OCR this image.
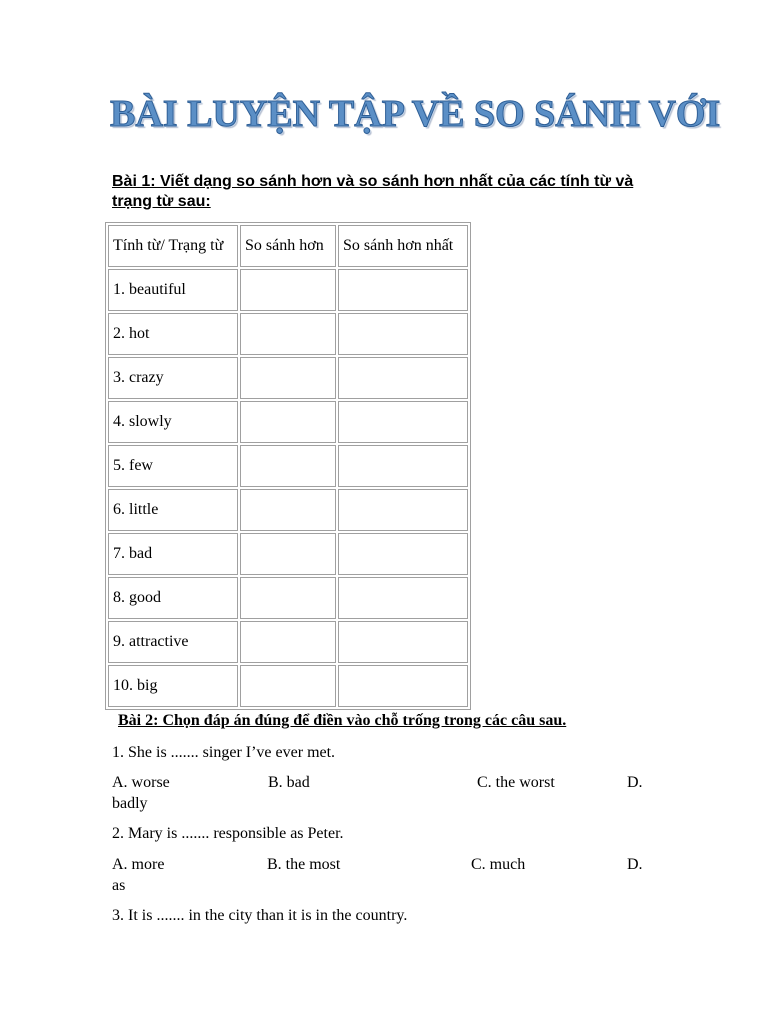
BÀI LUYỆN TẬP VỀ SO SÁNH VỚI
Bài 1: Viết dạng so sánh hơn và so sánh hơn nhất của các tính từ và trạng từ sau:
Tính từ/ Trạng từ	So sánh hơn	So sánh hơn nhất
1. beautiful		
2. hot		
3. crazy		
4. slowly		
5. few		
6. little		
7. bad		
8. good		
9. attractive		
10. big		
Bài 2: Chọn đáp án đúng để điền vào chỗ trống trong các câu sau.
1. She is ....... singer I’ve ever met.
A. worse	B. bad	C. the worst	D.
badly
2. Mary is ....... responsible as Peter.
A. more	B. the most	C. much	D.
as
3. It is ....... in the city than it is in the country.
